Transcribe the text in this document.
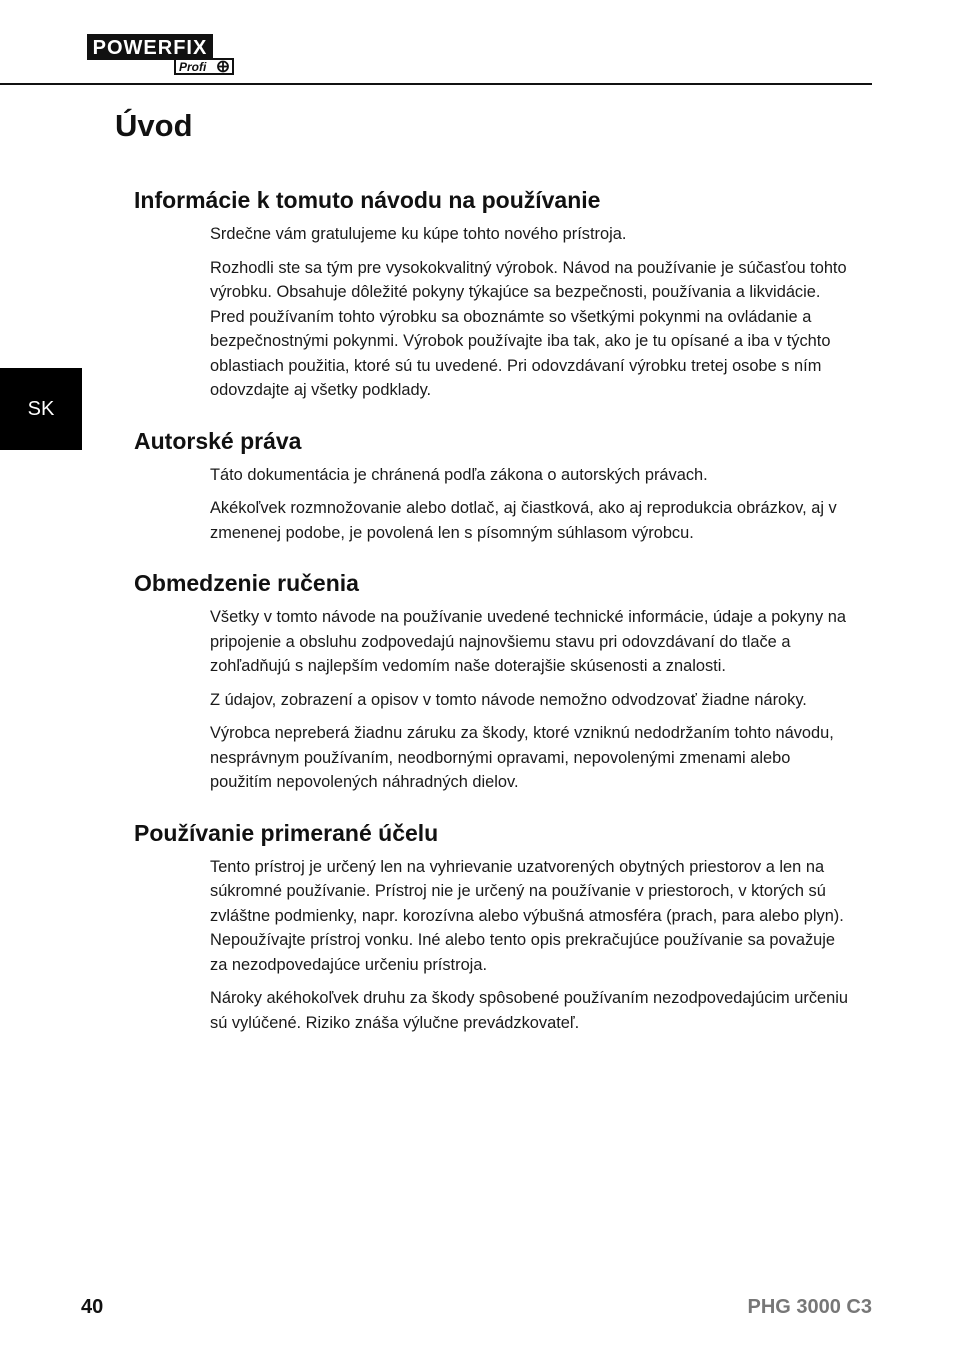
POWERFIX
Profi
Úvod
SK
Informácie k tomuto návodu na používanie

Srdečne vám gratulujeme ku kúpe tohto nového prístroja.

Rozhodli ste sa tým pre vysokokvalitný výrobok. Návod na používanie je súčasťou tohto výrobku. Obsahuje dôležité pokyny týkajúce sa bezpečnosti, používania a likvidácie. Pred používaním tohto výrobku sa oboznámte so všetkými pokynmi na ovládanie a bezpečnostnými pokynmi. Výrobok používajte iba tak, ako je tu opísané a iba v týchto oblastiach použitia, ktoré sú tu uvedené. Pri odovzdávaní výrobku tretej osobe s ním odovzdajte aj všetky podklady.

Autorské práva

Táto dokumentácia je chránená podľa zákona o autorských právach.

Akékoľvek rozmnožovanie alebo dotlač, aj čiastková, ako aj reprodukcia obrázkov, aj v zmenenej podobe, je povolená len s písomným súhlasom výrobcu.

Obmedzenie ručenia

Všetky v tomto návode na používanie uvedené technické informácie, údaje a pokyny na pripojenie a obsluhu zodpovedajú najnovšiemu stavu pri odovzdávaní do tlače a zohľadňujú s najlepším vedomím naše doterajšie skúsenosti a znalosti.

Z údajov, zobrazení a opisov v tomto návode nemožno odvodzovať žiadne nároky.

Výrobca nepreberá žiadnu záruku za škody, ktoré vzniknú nedodržaním tohto návodu, nesprávnym používaním, neodbornými opravami, nepovolenými zmenami alebo použitím nepovolených náhradných dielov.

Používanie primerané účelu

Tento prístroj je určený len na vyhrievanie uzatvorených obytných priestorov a len na súkromné používanie. Prístroj nie je určený na používanie v priestoroch, v ktorých sú zvláštne podmienky, napr. korozívna alebo výbušná atmosféra (prach, para alebo plyn). Nepoužívajte prístroj vonku. Iné alebo tento opis prekračujúce používanie sa považuje za nezodpovedajúce určeniu prístroja.

Nároky akéhokoľvek druhu za škody spôsobené používaním nezodpovedajúcim určeniu sú vylúčené. Riziko znáša výlučne prevádzkovateľ.

40	PHG 3000 C3
